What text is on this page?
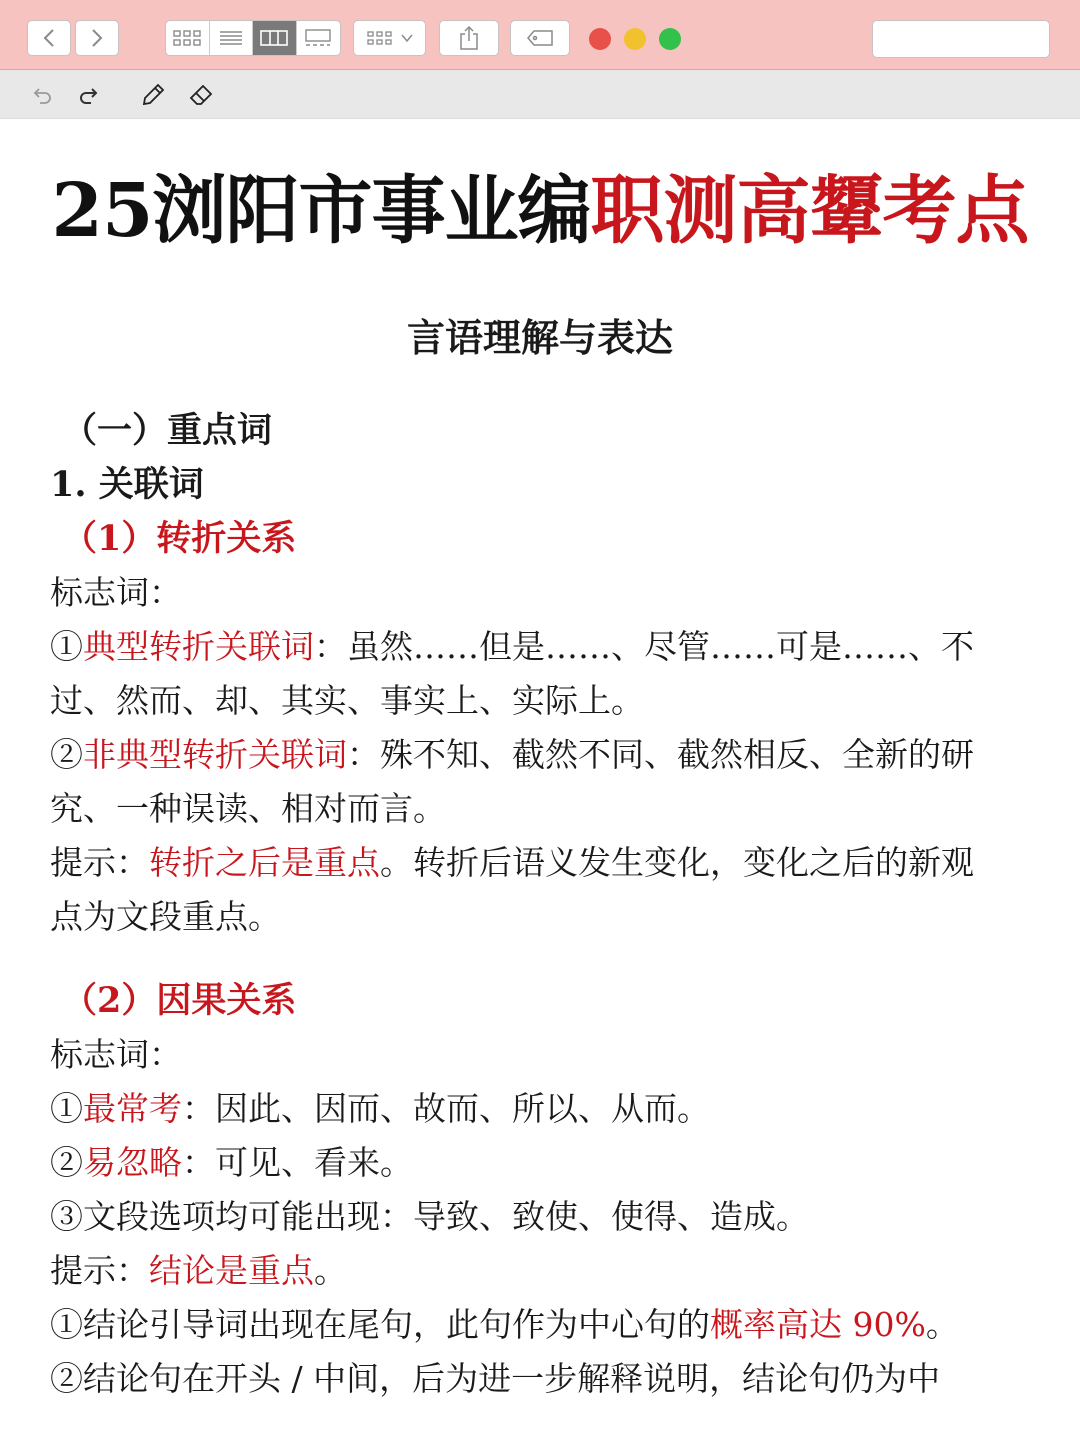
25浏阳市事业编职测高顰考点
言语理解与表达
（一）重点词
1. 关联词
（1）转折关系
标志词：
①典型转折关联词：虽然……但是……、尽管……可是……、不
过、然而、却、其实、事实上、实际上。
②非典型转折关联词：殊不知、截然不同、截然相反、全新的研
究、一种误读、相对而言。
提示：转折之后是重点。转折后语义发生变化，变化之后的新观
点为文段重点。
（2）因果关系
标志词：
①最常考：因此、因而、故而、所以、从而。
②易忽略：可见、看来。
③文段选项均可能出现：导致、致使、使得、造成。
提示：结论是重点。
①结论引导词出现在尾句，此句作为中心句的概率高达 90%。
②结论句在开头 / 中间，后为进一步解释说明，结论句仍为中
